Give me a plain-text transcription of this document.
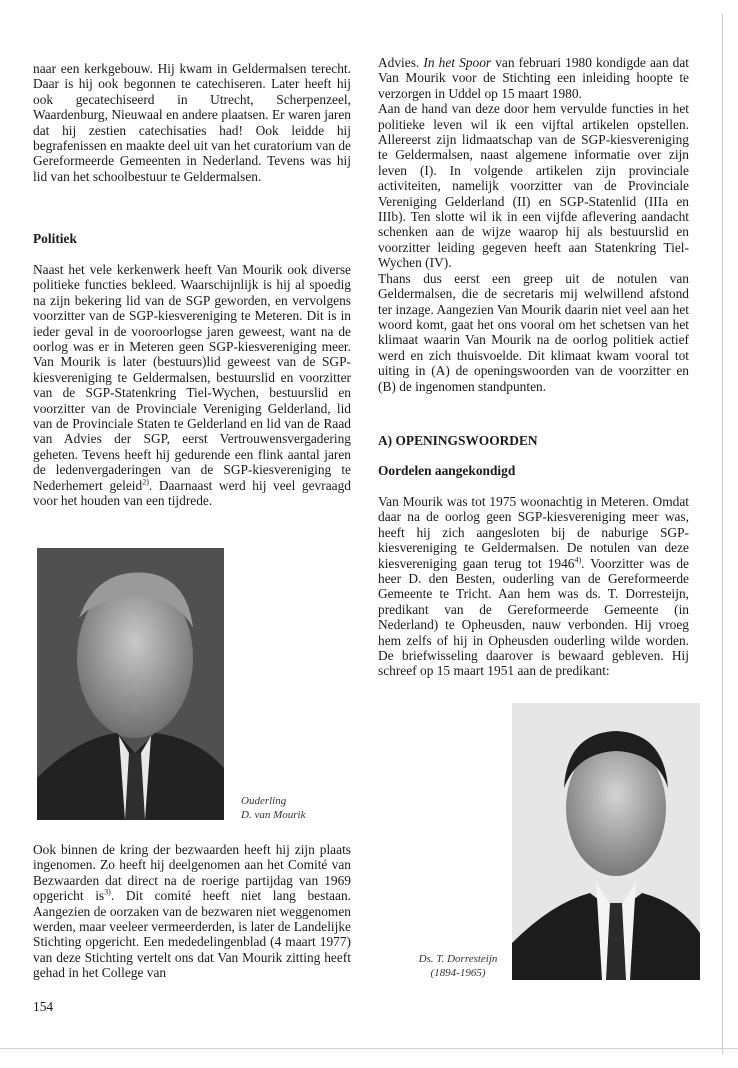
naar een kerkgebouw. Hij kwam in Geldermalsen terecht. Daar is hij ook begonnen te catechiseren. Later heeft hij ook gecatechiseerd in Utrecht, Scherpenzeel, Waardenburg, Nieuwaal en andere plaatsen. Er waren jaren dat hij zestien catechisaties had! Ook leidde hij begrafenissen en maakte deel uit van het curatorium van de Gereformeerde Gemeenten in Nederland. Tevens was hij lid van het schoolbestuur te Geldermalsen.

Politiek

Naast het vele kerkenwerk heeft Van Mourik ook diverse politieke functies bekleed. Waarschijnlijk is hij al spoedig na zijn bekering lid van de SGP geworden, en vervolgens voorzitter van de SGP-kiesvereniging te Meteren. Dit is in ieder geval in de vooroorlogse jaren geweest, want na de oorlog was er in Meteren geen SGP-kiesvereniging meer. Van Mourik is later (bestuurs)lid geweest van de SGP-kiesvereniging te Geldermalsen, bestuurslid en voorzitter van de SGP-Statenkring Tiel-Wychen, bestuurslid en voorzitter van de Provinciale Vereniging Gelderland, lid van de Provinciale Staten te Gelderland en lid van de Raad van Advies der SGP, eerst Vertrouwensvergadering geheten. Tevens heeft hij gedurende een flink aantal jaren de ledenvergaderingen van de SGP-kiesvereniging te Nederhemert geleid$^{2)}$. Daarnaast werd hij veel gevraagd voor het houden van een tijdrede.

Ouderling
D. van Mourik

Ook binnen de kring der bezwaarden heeft hij zijn plaats ingenomen. Zo heeft hij deelgenomen aan het Comité van Bezwaarden dat direct na de roerige partijdag van 1969 opgericht $is^{3)}$. Dit comité heeft niet lang bestaan. Aangezien de oorzaken van de bezwaren niet weggenomen werden, maar veeleer vermeerderden, is later de Landelijke Stichting opgericht. Een mededelingenblad (4 maart 1977) van deze Stichting vertelt ons dat Van Mourik zitting heeft gehad in het College van

Advies. In het Spoor van februari 1980 kondigde aan dat Van Mourik voor de Stichting een inleiding hoopte te verzorgen in Uddel op 15 maart 1980.

Aan de hand van deze door hem vervulde functies in het politieke leven wil ik een vijftal artikelen opstellen. Allereerst zijn lidmaatschap van de SGP-kiesvereniging te Geldermalsen, naast algemene informatie over zijn leven (I). In volgende artikelen zijn provinciale activiteiten, namelijk voorzitter van de Provinciale Vereniging Gelderland (II) en SGP-Statenlid (IIIa en IIIb). Ten slotte wil ik in een vijfde aflevering aandacht schenken aan de wijze waarop hij als bestuurslid en voorzitter leiding gegeven heeft aan Statenkring Tiel-Wychen (IV).

Thans dus eerst een greep uit de notulen van Geldermalsen, die de secretaris mij welwillend afstond ter inzage. Aangezien Van Mourik daarin niet veel aan het woord komt, gaat het ons vooral om het schetsen van het klimaat waarin Van Mourik na de oorlog politiek actief werd en zich thuisvoelde. Dit klimaat kwam vooral tot uiting in (A) de openingswoorden van de voorzitter en (B) de ingenomen standpunten.

A) OPENINGSWOORDEN
Oordelen aangekondigd

Van Mourik was tot 1975 woonachtig in Meteren. Omdat daar na de oorlog geen SGP-kiesvereniging meer was, heeft hij zich aangesloten bij de naburige SGP-kiesvereniging te Geldermalsen. De notulen van deze kiesvereniging gaan terug tot 1946$^{4)}$. Voorzitter was de heer D. den Besten, ouderling van de Gereformeerde Gemeente te Tricht. Aan hem was ds. T. Dorresteijn, predikant van de Gereformeerde Gemeente (in Nederland) te Opheusden, nauw verbonden. Hij vroeg hem zelfs of hij in Opheusden ouderling wilde worden. De briefwisseling daarover is bewaard gebleven. Hij schreef op 15 maart 1951 aan de predikant:

Ds. T. Dorresteijn
(1894-1965)
154
